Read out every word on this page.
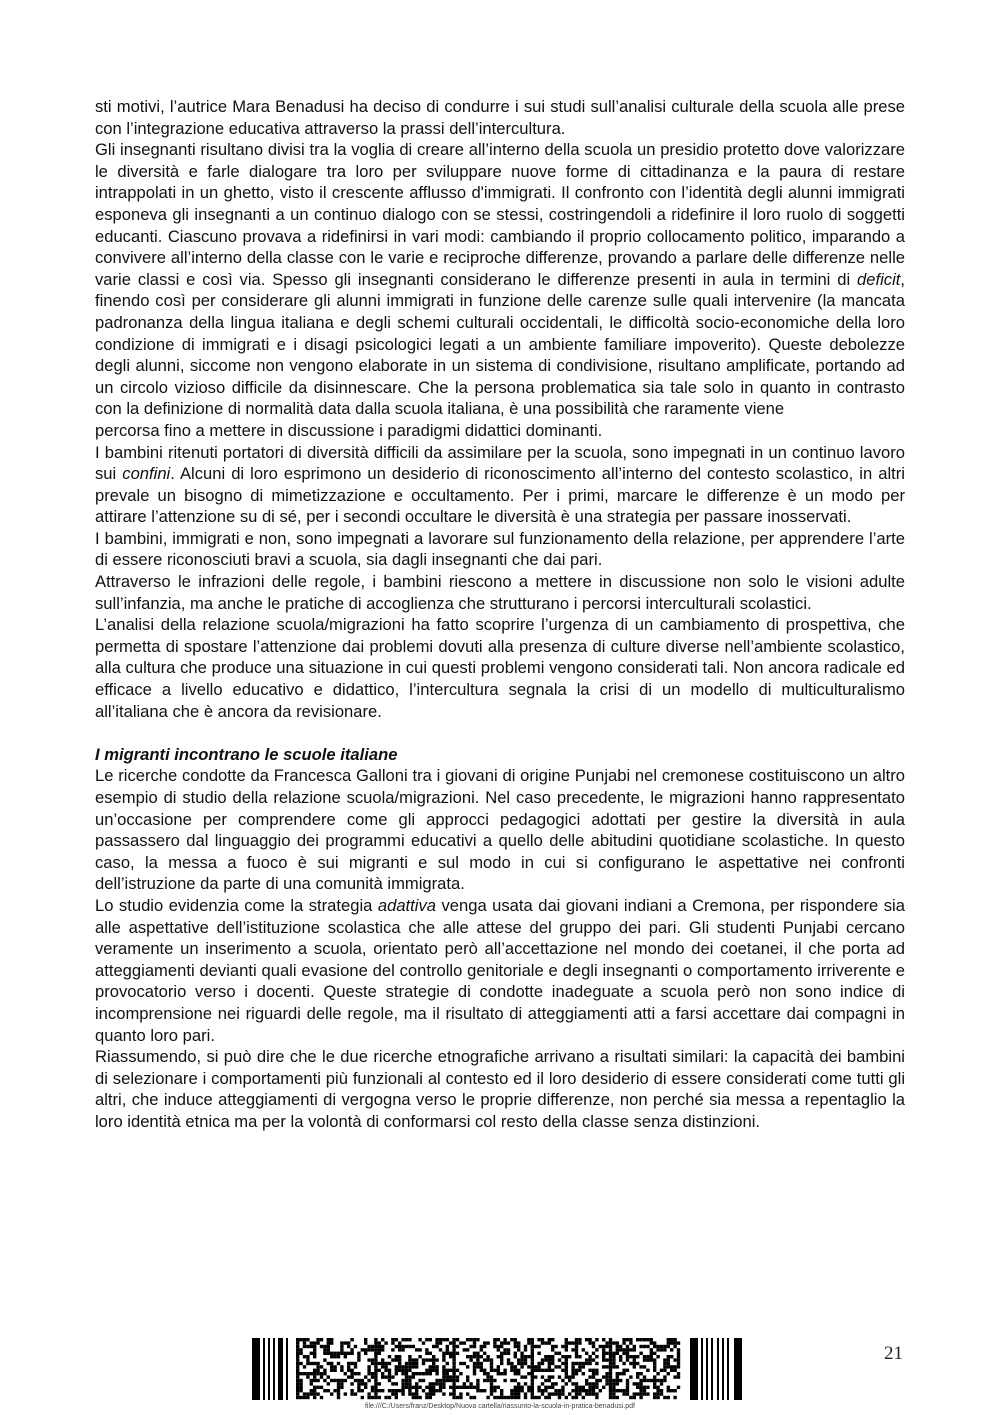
sti motivi, l’autrice Mara Benadusi ha deciso di condurre i sui studi sull’analisi culturale della scuola alle prese con l’integrazione educativa attraverso la prassi dell’intercultura.

Gli insegnanti risultano divisi tra la voglia di creare all’interno della scuola un presidio protetto dove valorizzare le diversità e farle dialogare tra loro per sviluppare nuove forme di cittadinanza e la paura di restare intrappolati in un ghetto, visto il crescente afflusso d'immigrati. Il confronto con l’identità degli alunni immigrati esponeva gli insegnanti a un continuo dialogo con se stessi, costringendoli a ridefinire il loro ruolo di soggetti educanti. Ciascuno provava a ridefinirsi in vari modi: cambiando il proprio collocamento politico, imparando a convivere all’interno della classe con le varie e reciproche differenze, provando a parlare delle differenze nelle varie classi e così via. Spesso gli insegnanti considerano le differenze presenti in aula in termini di deficit, finendo così per considerare gli alunni immigrati in funzione delle carenze sulle quali intervenire (la mancata padronanza della lingua italiana e degli schemi culturali occidentali, le difficoltà socio-economiche della loro condizione di immigrati e i disagi psicologici legati a un ambiente familiare impoverito). Queste debolezze degli alunni, siccome non vengono elaborate in un sistema di condivisione, risultano amplificate, portando ad un circolo vizioso difficile da disinnescare. Che la persona problematica sia tale solo in quanto in contrasto con la definizione di normalità data dalla scuola italiana, è una possibilità che raramente viene

percorsa fino a mettere in discussione i paradigmi didattici dominanti.

I bambini ritenuti portatori di diversità difficili da assimilare per la scuola, sono impegnati in un continuo lavoro sui confini. Alcuni di loro esprimono un desiderio di riconoscimento all’interno del contesto scolastico, in altri prevale un bisogno di mimetizzazione e occultamento. Per i primi, marcare le differenze è un modo per attirare l’attenzione su di sé, per i secondi occultare le diversità è una strategia per passare inosservati.

I bambini, immigrati e non, sono impegnati a lavorare sul funzionamento della relazione, per apprendere l’arte di essere riconosciuti bravi a scuola, sia dagli insegnanti che dai pari.

Attraverso le infrazioni delle regole, i bambini riescono a mettere in discussione non solo le visioni adulte sull’infanzia, ma anche le pratiche di accoglienza che strutturano i percorsi interculturali scolastici.

L’analisi della relazione scuola/migrazioni ha fatto scoprire l’urgenza di un cambiamento di prospettiva, che permetta di spostare l’attenzione dai problemi dovuti alla presenza di culture diverse nell’ambiente scolastico, alla cultura che produce una situazione in cui questi problemi vengono considerati tali. Non ancora radicale ed efficace a livello educativo e didattico, l’intercultura segnala la crisi di un modello di multiculturalismo all’italiana che è ancora da revisionare.

I migranti incontrano le scuole italiane

Le ricerche condotte da Francesca Galloni tra i giovani di origine Punjabi nel cremonese costituiscono un altro esempio di studio della relazione scuola/migrazioni. Nel caso precedente, le migrazioni hanno rappresentato un’occasione per comprendere come gli approcci pedagogici adottati per gestire la diversità in aula passassero dal linguaggio dei programmi educativi a quello delle abitudini quotidiane scolastiche. In questo caso, la messa a fuoco è sui migranti e sul modo in cui si configurano le aspettative nei confronti dell’istruzione da parte di una comunità immigrata.

Lo studio evidenzia come la strategia adattiva venga usata dai giovani indiani a Cremona, per rispondere sia alle aspettative dell’istituzione scolastica che alle attese del gruppo dei pari. Gli studenti Punjabi cercano veramente un inserimento a scuola, orientato però all’accettazione nel mondo dei coetanei, il che porta ad atteggiamenti devianti quali evasione del controllo genitoriale e degli insegnanti o comportamento irriverente e provocatorio verso i docenti. Queste strategie di condotte inadeguate a scuola però non sono indice di incomprensione nei riguardi delle regole, ma il risultato di atteggiamenti atti a farsi accettare dai compagni in quanto loro pari.

Riassumendo, si può dire che le due ricerche etnografiche arrivano a risultati similari: la capacità dei bambini di selezionare i comportamenti più funzionali al contesto ed il loro desiderio di essere considerati come tutti gli altri, che induce atteggiamenti di vergogna verso le proprie differenze, non perché sia messa a repentaglio la loro identità etnica ma per la volontà di conformarsi col resto della classe senza distinzioni.

21
file:///C:/Users/franz/Desktop/Nuova cartella/riassunto-la-scuola-in-pratica-benadusi.pdf
